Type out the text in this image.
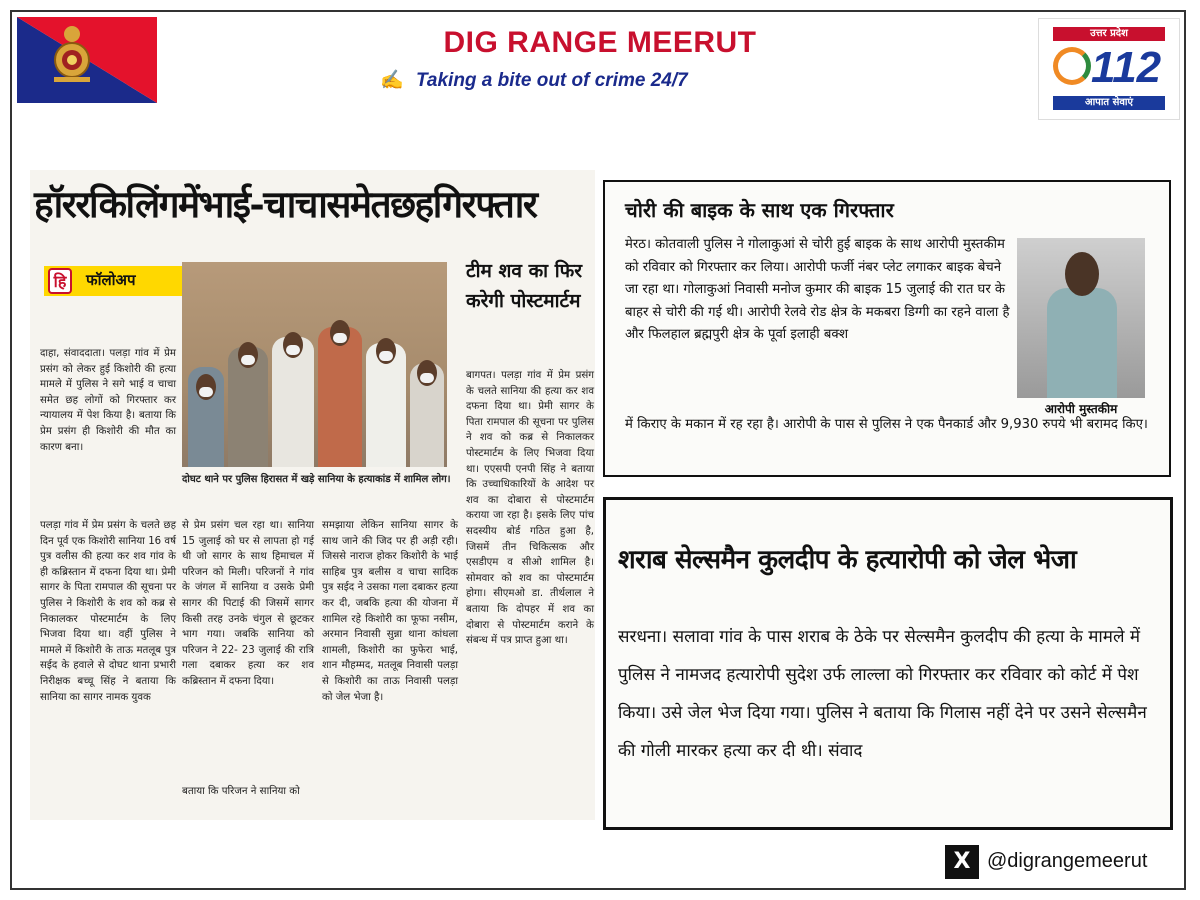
DIG RANGE MEERUT
✍ Taking a bite out of crime 24/7
उत्तर प्रदेश
112
आपात सेवाएं
हॉररकिलिंगमेंभाई-चाचासमेतछहगिरफ्तार
हि	फॉलोअप
दोघट थाने पर पुलिस हिरासत में खड़े सानिया के हत्याकांड में शामिल लोग।
टीम शव का फिर करेगी पोस्टमार्टम
दाहा, संवाददाता। पलड़ा गांव में प्रेम प्रसंग को लेकर हुई किशोरी की हत्या मामले में पुलिस ने सगे भाई व चाचा समेत छह लोगों को गिरफ्तार कर न्यायालय में पेश किया है। बताया कि प्रेम प्रसंग ही किशोरी की मौत का कारण बना।
पलड़ा गांव में प्रेम प्रसंग के चलते छह दिन पूर्व एक किशोरी सानिया 16 वर्ष पुत्र वलीस की हत्या कर शव गांव के ही कब्रिस्तान में दफना दिया था। प्रेमी सागर के पिता रामपाल की सूचना पर पुलिस ने किशोरी के शव को कब्र से निकालकर पोस्टमार्टम के लिए भिजवा दिया था। वहीं पुलिस ने मामले में किशोरी के ताऊ मतलूब पुत्र सईद के हवाले से दोघट थाना प्रभारी निरीक्षक बच्चू सिंह ने बताया कि सानिया का सागर नामक युवक
से प्रेम प्रसंग चल रहा था। सानिया 15 जुलाई को घर से लापता हो गई थी जो सागर के साथ हिमाचल में परिजन को मिली। परिजनों ने गांव के जंगल में सानिया व उसके प्रेमी सागर की पिटाई की जिसमें सागर किसी तरह उनके चंगुल से छूटकर भाग गया। जबकि सानिया को परिजन ने 22- 23 जुलाई की रात्रि गला दबाकर हत्या कर शव कब्रिस्तान में दफना दिया।
बताया कि परिजन ने सानिया को
समझाया लेकिन सानिया सागर के साथ जाने की जिद पर ही अड़ी रही। जिससे नाराज होकर किशोरी के भाई साहिब पुत्र बलीस व चाचा सादिक पुत्र सईद ने उसका गला दबाकर हत्या कर दी, जबकि हत्या की योजना में शामिल रहे किशोरी का फूफा नसीम, अरमान निवासी सुन्ना थाना कांधला शामली, किशोरी का फुफेरा भाई, शान मौहम्मद, मतलूब निवासी पलड़ा से किशोरी का ताऊ निवासी पलड़ा को जेल भेजा है।
बागपत। पलड़ा गांव में प्रेम प्रसंग के चलते सानिया की हत्या कर शव दफना दिया था। प्रेमी सागर के पिता रामपाल की सूचना पर पुलिस ने शव को कब्र से निकालकर पोस्टमार्टम के लिए भिजवा दिया था। एएसपी एनपी सिंह ने बताया कि उच्चाधिकारियों के आदेश पर शव का दोबारा से पोस्टमार्टम कराया जा रहा है। इसके लिए पांच सदस्यीय बोर्ड गठित हुआ है, जिसमें तीन चिकित्सक और एसडीएम व सीओ शामिल है। सोमवार को शव का पोस्टमार्टम होगा। सीएमओ डा. तीर्थलाल ने बताया कि दोपहर में शव का दोबारा से पोस्टमार्टम कराने के संबन्ध में पत्र प्राप्त हुआ था।
चोरी की बाइक के साथ एक गिरफ्तार
मेरठ। कोतवाली पुलिस ने गोलाकुआं से चोरी हुई बाइक के साथ आरोपी मुस्तकीम को रविवार को गिरफ्तार कर लिया। आरोपी फर्जी नंबर प्लेट लगाकर बाइक बेचने जा रहा था। गोलाकुआं निवासी मनोज कुमार की बाइक 15 जुलाई की रात घर के बाहर से चोरी की गई थी। आरोपी रेलवे रोड क्षेत्र के मकबरा डिग्गी का रहने वाला है और फिलहाल ब्रह्मपुरी क्षेत्र के पूर्वा इलाही बक्श
आरोपी मुस्तकीम
में किराए के मकान में रह रहा है। आरोपी के पास से पुलिस ने एक पैनकार्ड और 9,930 रुपये भी बरामद किए।
शराब सेल्समैन कुलदीप के हत्यारोपी को जेल भेजा
सरधना। सलावा गांव के पास शराब के ठेके पर सेल्समैन कुलदीप की हत्या के मामले में पुलिस ने नामजद हत्यारोपी सुदेश उर्फ लाल्ला को गिरफ्तार कर रविवार को कोर्ट में पेश किया। उसे जेल भेज दिया गया। पुलिस ने बताया कि गिलास नहीं देने पर उसने सेल्समैन की गोली मारकर हत्या कर दी थी। संवाद
X @digrangemeerut
